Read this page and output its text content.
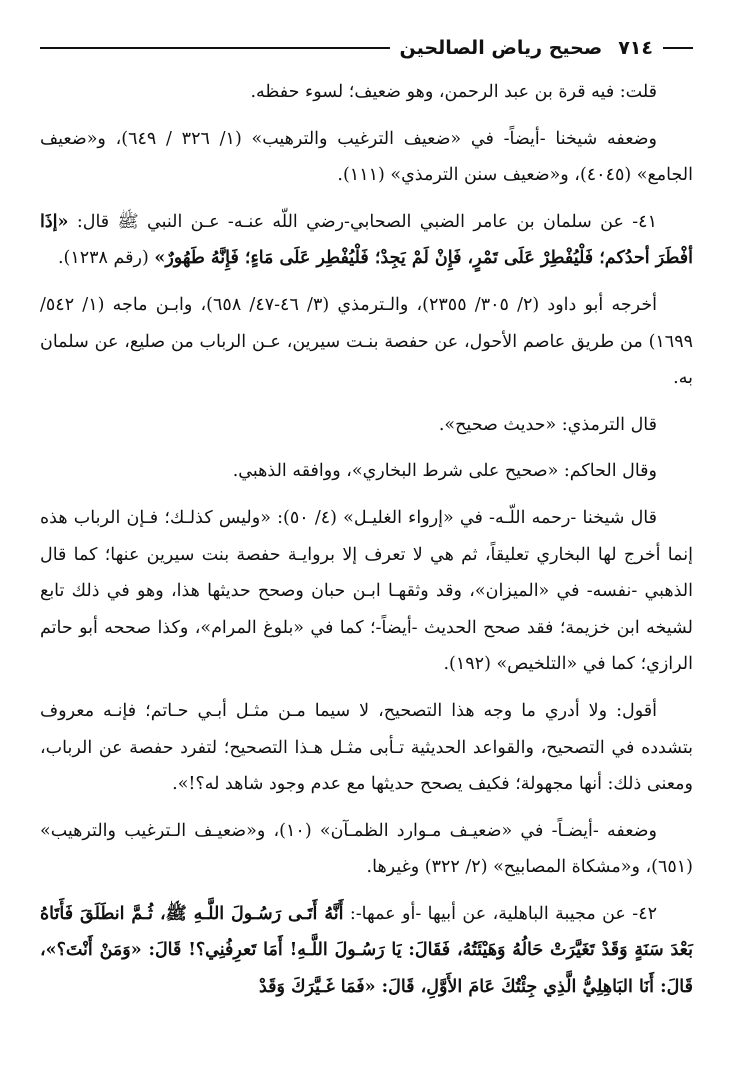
٧١٤
صحيح رياض الصالحين

قلت: فيه قرة بن عبد الرحمن، وهو ضعيف؛ لسوء حفظه.

وضعفه شيخنا -أيضاً- في «ضعيف الترغيب والترهيب» (١/ ٣٢٦ / ٦٤٩)، و«ضعيف الجامع» (٤٠٤٥)، و«ضعيف سنن الترمذي» (١١١).

٤١- عن سلمان بن عامر الضبي الصحابي-رضي اللّه عنـه- عـن النبي ﷺ قال: «إذَا أفْطَرَ أحدُكم؛ فَلْيُفْطِرْ عَلَى تَمْرٍ، فَإِنْ لَمْ يَجِدْ؛ فَلْيُفْطِر عَلَى مَاءٍ؛ فَإِنَّهُ طَهُورٌ» (رقم ١٢٣٨).

أخرجه أبو داود (٢/ ٣٠٥/ ٢٣٥٥)، والـترمذي (٣/ ٤٦-٤٧/ ٦٥٨)، وابـن ماجه (١/ ٥٤٢/ ١٦٩٩) من طريق عاصم الأحول، عن حفصة بنـت سيرين، عـن الرباب من صليع، عن سلمان به.

قال الترمذي: «حديث صحيح».

وقال الحاكم: «صحيح على شرط البخاري»، ووافقه الذهبي.

قال شيخنا -رحمه اللّـه- في «إرواء الغليـل» (٤/ ٥٠): «وليس كذلـك؛ فـإن الرباب هذه إنما أخرج لها البخاري تعليقاً، ثم هي لا تعرف إلا بروايـة حفصة بنت سيرين عنها؛ كما قال الذهبي -نفسه- في «الميزان»، وقد وثقهـا ابـن حبان وصحح حديثها هذا، وهو في ذلك تابع لشيخه ابن خزيمة؛ فقد صحح الحديث -أيضاً-؛ كما في «بلوغ المرام»، وكذا صححه أبو حاتم الرازي؛ كما في «التلخيص» (١٩٢).

أقول: ولا أدري ما وجه هذا التصحيح، لا سيما مـن مثـل أبـي حـاتم؛ فإنـه معروف بتشدده في التصحيح، والقواعد الحديثية تـأبى مثـل هـذا التصحيح؛ لتفرد حفصة عن الرباب، ومعنى ذلك: أنها مجهولة؛ فكيف يصحح حديثها مع عدم وجود شاهد له؟!».

وضعفه -أيضـاً- في «ضعيـف مـوارد الظمـآن» (١٠)، و«ضعيـف الـترغيب والترهيب» (٦٥١)، و«مشكاة المصابيح» (٢/ ٣٢٢) وغيرها.

٤٢- عن مجيبة الباهلية، عن أبيها -أو عمها-: أَنَّهُ أَتَـى رَسُـولَ اللَّـهِ ﷺ، ثُـمَّ انطَلَقَ فَأَتَاهُ بَعْدَ سَنَةٍ وَقَدْ تَغَيَّرَتْ حَالُهُ وَهَيْئَتُهُ، فَقَالَ: يَا رَسُـولَ اللَّـهِ! أَمَا تَعرِفُنِي؟! قَالَ: «وَمَنْ أَنْتَ؟»، قَالَ: أَنَا البَاهِلِيُّ الَّذِي جِئْتُكَ عَامَ الأَوَّلِ، قَالَ: «فَمَا غَـيَّرَكَ وَقَدْ
